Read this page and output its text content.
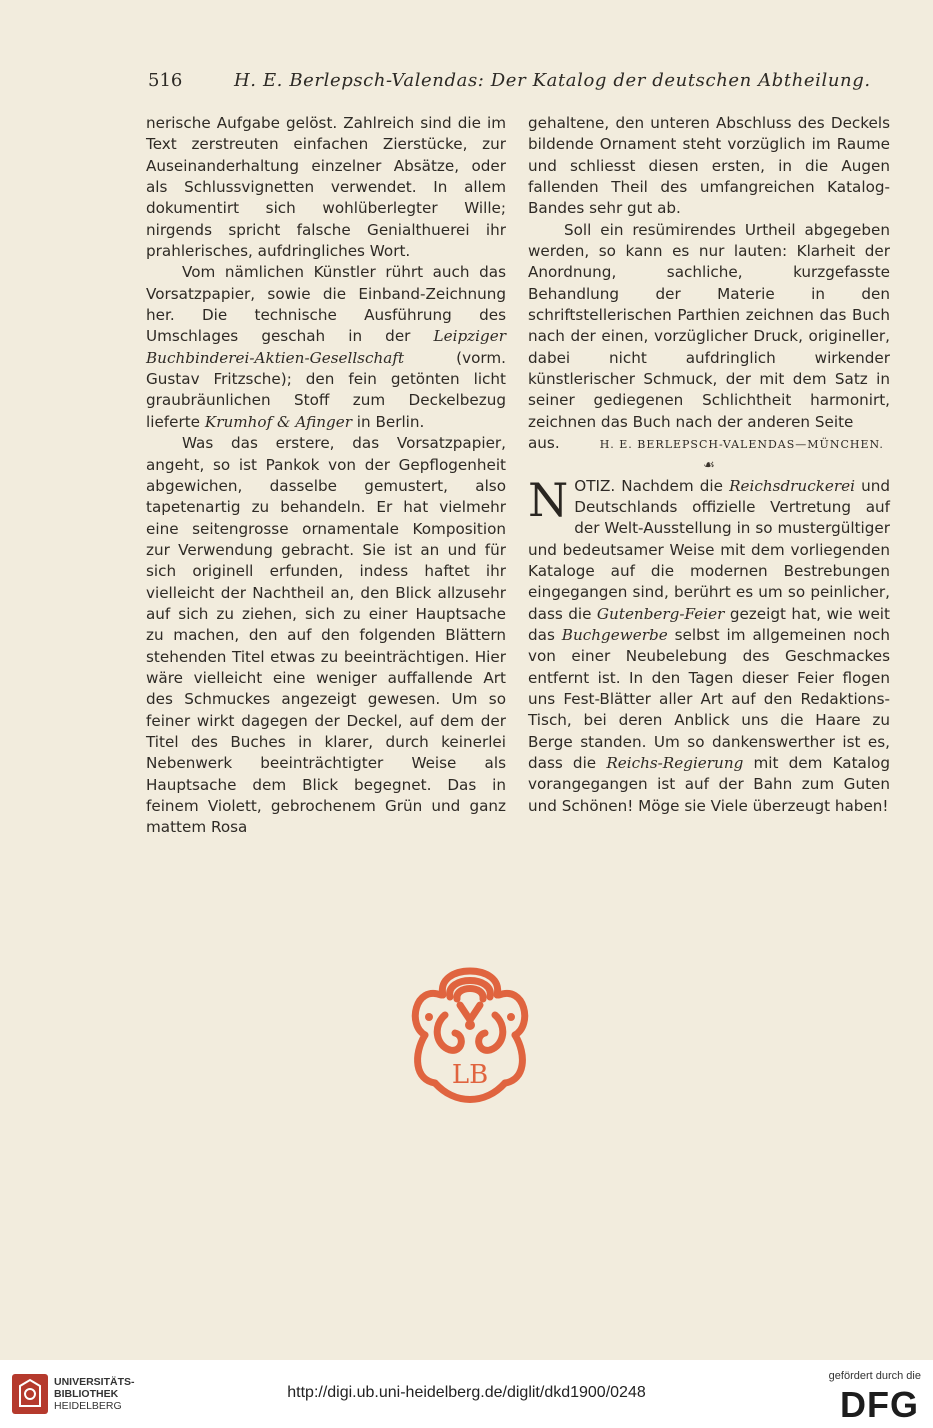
516	H. E. Berlepsch-Valendas: Der Katalog der deutschen Abtheilung.

nerische Aufgabe gelöst. Zahlreich sind die im Text zerstreuten einfachen Zierstücke, zur Auseinanderhaltung einzelner Absätze, oder als Schlussvignetten verwendet. In allem dokumentirt sich wohlüberlegter Wille; nirgends spricht falsche Genialthuerei ihr prahlerisches, aufdringliches Wort.

Vom nämlichen Künstler rührt auch das Vorsatzpapier, sowie die Einband-Zeichnung her. Die technische Ausführung des Umschlages geschah in der Leipziger Buchbinderei-Aktien-Gesellschaft (vorm. Gustav Fritzsche); den fein getönten licht graubräunlichen Stoff zum Deckelbezug lieferte Krumhof & Afinger in Berlin.

Was das erstere, das Vorsatzpapier, angeht, so ist Pankok von der Gepflogenheit abgewichen, dasselbe gemustert, also tapetenartig zu behandeln. Er hat vielmehr eine seitengrosse ornamentale Komposition zur Verwendung gebracht. Sie ist an und für sich originell erfunden, indess haftet ihr vielleicht der Nachtheil an, den Blick allzusehr auf sich zu ziehen, sich zu einer Hauptsache zu machen, den auf den folgenden Blättern stehenden Titel etwas zu beeinträchtigen. Hier wäre vielleicht eine weniger auffallende Art des Schmuckes angezeigt gewesen. Um so feiner wirkt dagegen der Deckel, auf dem der Titel des Buches in klarer, durch keinerlei Nebenwerk beeinträchtigter Weise als Hauptsache dem Blick begegnet. Das in feinem Violett, gebrochenem Grün und ganz mattem Rosa

gehaltene, den unteren Abschluss des Deckels bildende Ornament steht vorzüglich im Raume und schliesst diesen ersten, in die Augen fallenden Theil des umfangreichen Katalog-Bandes sehr gut ab.

Soll ein resümirendes Urtheil abgegeben werden, so kann es nur lauten: Klarheit der Anordnung, sachliche, kurzgefasste Behandlung der Materie in den schriftstellerischen Parthien zeichnen das Buch nach der einen, vorzüglicher Druck, origineller, dabei nicht aufdringlich wirkender künstlerischer Schmuck, der mit dem Satz in seiner gediegenen Schlichtheit harmonirt, zeichnen das Buch nach der anderen Seite

aus.	H. E. BERLEPSCH-VALENDAS—MÜNCHEN.
☙
N OTIZ. Nachdem die Reichsdruckerei und Deutschlands offizielle Vertretung auf der Welt-Ausstellung in so mustergültiger und bedeutsamer Weise mit dem vorliegenden Kataloge auf die modernen Bestrebungen eingegangen sind, berührt es um so peinlicher, dass die Gutenberg-Feier gezeigt hat, wie weit das Buchgewerbe selbst im allgemeinen noch von einer Neubelebung des Geschmackes entfernt ist. In den Tagen dieser Feier flogen uns Fest-Blätter aller Art auf den Redaktions-Tisch, bei deren Anblick uns die Haare zu Berge standen. Um so dankenswerther ist es, dass die Reichs-Regierung mit dem Katalog vorangegangen ist auf der Bahn zum Guten und Schönen! Möge sie Viele überzeugt haben!

LB
UNIVERSITÄTS-
BIBLIOTHEK
HEIDELBERG
http://digi.ub.uni-heidelberg.de/diglit/dkd1900/0248
gefördert durch die
DFG
